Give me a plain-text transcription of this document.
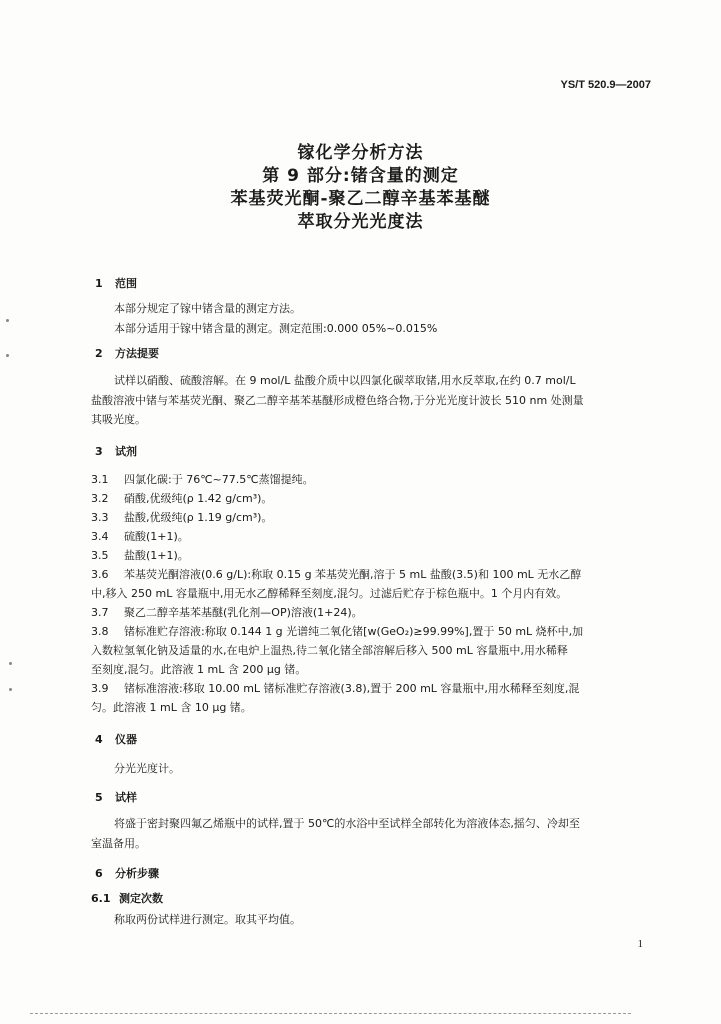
YS/T 520.9—2007
镓化学分析方法
第 9 部分:锗含量的测定
苯基荧光酮-聚乙二醇辛基苯基醚
萃取分光光度法

1 范围

本部分规定了镓中锗含量的测定方法。

本部分适用于镓中锗含量的测定。测定范围:0.000 05%~0.015%

2 方法提要

试样以硝酸、硫酸溶解。在 9 mol/L 盐酸介质中以四氯化碳萃取锗,用水反萃取,在约 0.7 mol/L

盐酸溶液中锗与苯基荧光酮、聚乙二醇辛基苯基醚形成橙色络合物,于分光光度计波长 510 nm 处测量

其吸光度。

3 试剂

3.1 四氯化碳:于 76℃~77.5℃蒸馏提纯。

3.2 硝酸,优级纯(ρ 1.42 g/cm³)。

3.3 盐酸,优级纯(ρ 1.19 g/cm³)。

3.4 硫酸(1+1)。

3.5 盐酸(1+1)。

3.6 苯基荧光酮溶液(0.6 g/L):称取 0.15 g 苯基荧光酮,溶于 5 mL 盐酸(3.5)和 100 mL 无水乙醇

中,移入 250 mL 容量瓶中,用无水乙醇稀释至刻度,混匀。过滤后贮存于棕色瓶中。1 个月内有效。

3.7 聚乙二醇辛基苯基醚(乳化剂—OP)溶液(1+24)。

3.8 锗标准贮存溶液:称取 0.144 1 g 光谱纯二氧化锗[w(GeO₂)≥99.99%],置于 50 mL 烧杯中,加

入数粒氢氧化钠及适量的水,在电炉上温热,待二氧化锗全部溶解后移入 500 mL 容量瓶中,用水稀释

至刻度,混匀。此溶液 1 mL 含 200 μg 锗。

3.9 锗标准溶液:移取 10.00 mL 锗标准贮存溶液(3.8),置于 200 mL 容量瓶中,用水稀释至刻度,混

匀。此溶液 1 mL 含 10 μg 锗。

4 仪器

分光光度计。

5 试样

将盛于密封聚四氟乙烯瓶中的试样,置于 50℃的水浴中至试样全部转化为溶液体态,摇匀、冷却至

室温备用。

6 分析步骤

6.1 测定次数

称取两份试样进行测定。取其平均值。

1
